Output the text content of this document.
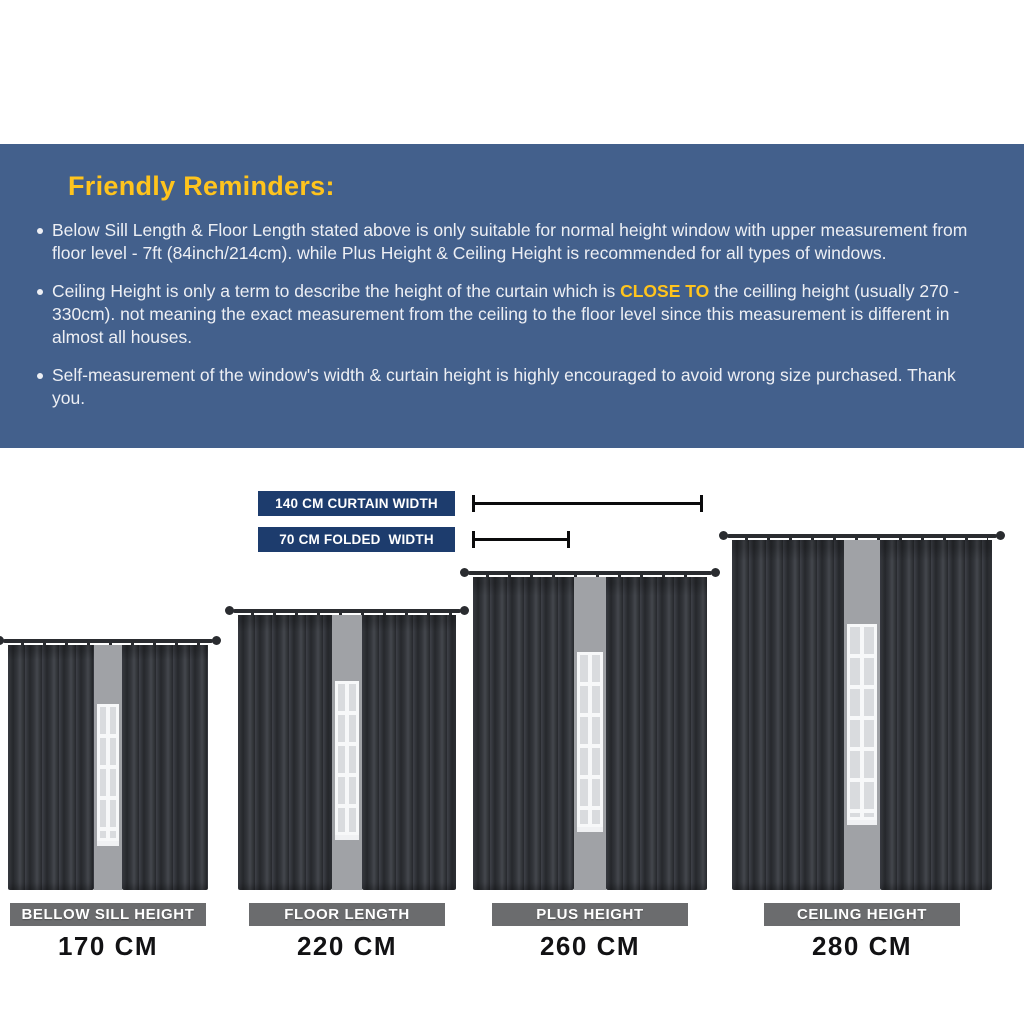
Friendly Reminders:
Below Sill Length & Floor Length stated above is only suitable for normal height window with upper measurement from floor level - 7ft (84inch/214cm). while Plus Height & Ceiling Height is recommended for all types of windows.
Ceiling Height is only a term to describe the height of the curtain which is CLOSE TO the ceilling height (usually 270 - 330cm). not meaning the exact measurement from the ceiling to the floor level since this measurement is different in almost all houses.
Self-measurement of the window's width & curtain height is highly encouraged to avoid wrong size purchased. Thank you.
140 CM CURTAIN WIDTH
70 CM FOLDED  WIDTH
BELLOW SILL HEIGHT
170 CM
FLOOR LENGTH
220 CM
PLUS HEIGHT
260 CM
CEILING HEIGHT
280 CM
